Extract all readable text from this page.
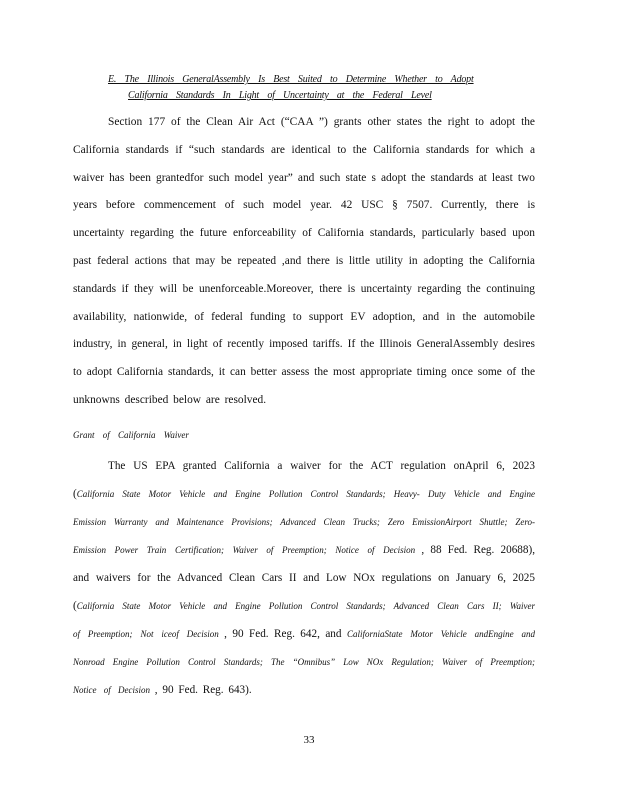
E. The Illinois GeneralAssembly Is Best Suited to Determine Whether to Adopt
California Standards In Light of Uncertainty at the Federal Level
Section 177 of the Clean Air Act (“CAA ”) grants other states the right to adopt the California standards if “such standards are identical to the California standards for which a waiver has been grantedfor such model year” and such state s adopt the standards at least two years before commencement of such model year. 42 USC § 7507. Currently, there is uncertainty regarding the future enforceability of California standards, particularly based upon past federal actions that may be repeated ,and there is little utility in adopting the California standards if they will be unenforceable.Moreover, there is uncertainty regarding the continuing availability, nationwide, of federal funding to support EV adoption, and in the automobile industry, in general, in light of recently imposed tariffs. If the Illinois GeneralAssembly desires to adopt California standards, it can better assess the most appropriate timing once some of the unknowns described below are resolved.
Grant of California Waiver
The US EPA granted California a waiver for the ACT regulation onApril 6, 2023 (California State Motor Vehicle and Engine Pollution Control Standards; Heavy- Duty Vehicle and Engine Emission Warranty and Maintenance Provisions; Advanced Clean Trucks; Zero EmissionAirport Shuttle; Zero-Emission Power Train Certification; Waiver of Preemption; Notice of Decision , 88 Fed. Reg. 20688), and waivers for the Advanced Clean Cars II and Low NOx regulations on January 6, 2025 (California State Motor Vehicle and Engine Pollution Control Standards; Advanced Clean Cars II; Waiver of Preemption; Not iceof Decision , 90 Fed. Reg. 642, and CaliforniaState Motor Vehicle andEngine and Nonroad Engine Pollution Control Standards; The “Omnibus” Low NOx Regulation; Waiver of Preemption; Notice of Decision , 90 Fed. Reg. 643).
33
